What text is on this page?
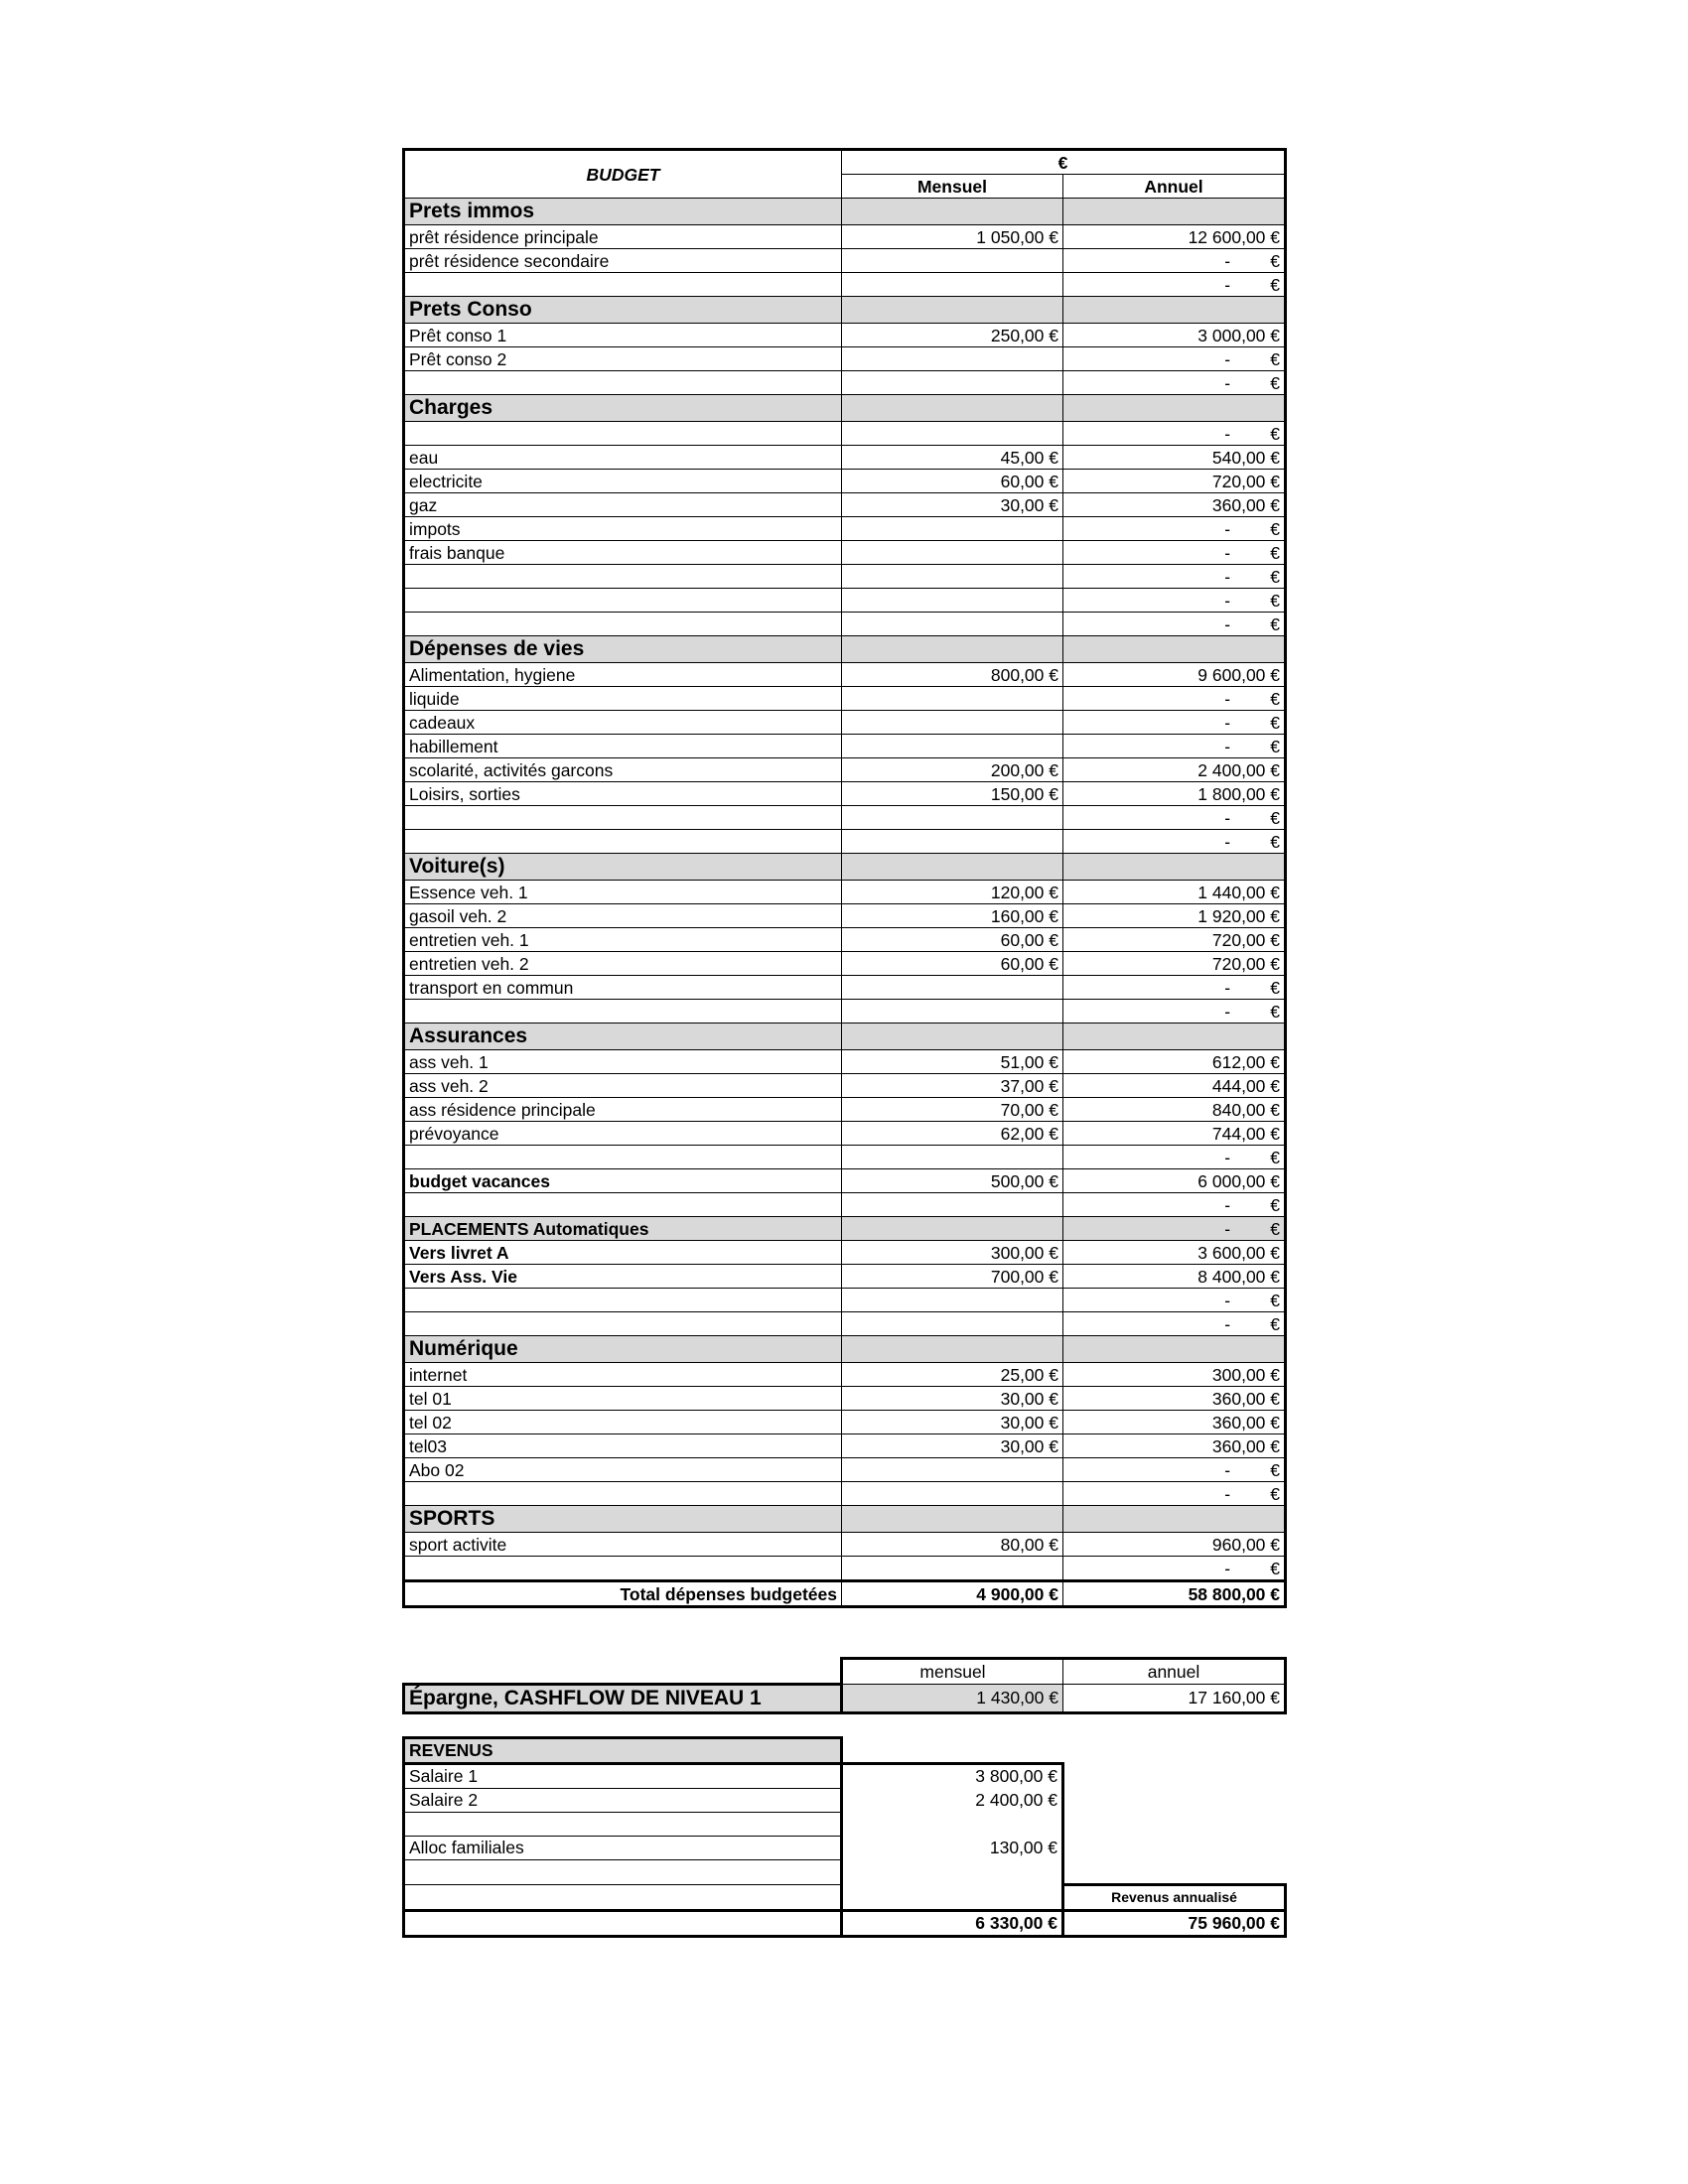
BUDGET	€	
	Mensuel	Annuel
Prets immos		
prêt résidence principale	1 050,00 €	12 600,00 €
prêt résidence secondaire		- €
		- €
Prets Conso		
Prêt conso 1	250,00 €	3 000,00 €
Prêt conso 2		- €
		- €
Charges		
		- €
eau	45,00 €	540,00 €
electricite	60,00 €	720,00 €
gaz	30,00 €	360,00 €
impots		- €
frais banque		- €
		- €
		- €
		- €
Dépenses de vies		
Alimentation, hygiene	800,00 €	9 600,00 €
liquide		- €
cadeaux		- €
habillement		- €
scolarité, activités garcons	200,00 €	2 400,00 €
Loisirs, sorties	150,00 €	1 800,00 €
		- €
		- €
Voiture(s)		
Essence veh. 1	120,00 €	1 440,00 €
gasoil veh. 2	160,00 €	1 920,00 €
entretien veh. 1	60,00 €	720,00 €
entretien veh. 2	60,00 €	720,00 €
transport en commun		- €
		- €
Assurances		
ass veh. 1	51,00 €	612,00 €
ass veh. 2	37,00 €	444,00 €
ass résidence principale	70,00 €	840,00 €
prévoyance	62,00 €	744,00 €
		- €
budget vacances	500,00 €	6 000,00 €
		- €
PLACEMENTS Automatiques		- €
Vers livret A	300,00 €	3 600,00 €
Vers Ass. Vie	700,00 €	8 400,00 €
		- €
		- €
Numérique		
internet	25,00 €	300,00 €
tel 01	30,00 €	360,00 €
tel 02	30,00 €	360,00 €
tel03	30,00 €	360,00 €
Abo 02		- €
		- €
SPORTS		
sport activite	80,00 €	960,00 €
		- €
Total dépenses budgetées	4 900,00 €	58 800,00 €
	mensuel	annuel
Épargne, CASHFLOW DE NIVEAU 1	1 430,00 €	17 160,00 €
REVENUS		
Salaire 1	3 800,00 €	
Salaire 2	2 400,00 €	

Alloc familiales	130,00 €	

		Revenus annualisé
	6 330,00 €	75 960,00 €
